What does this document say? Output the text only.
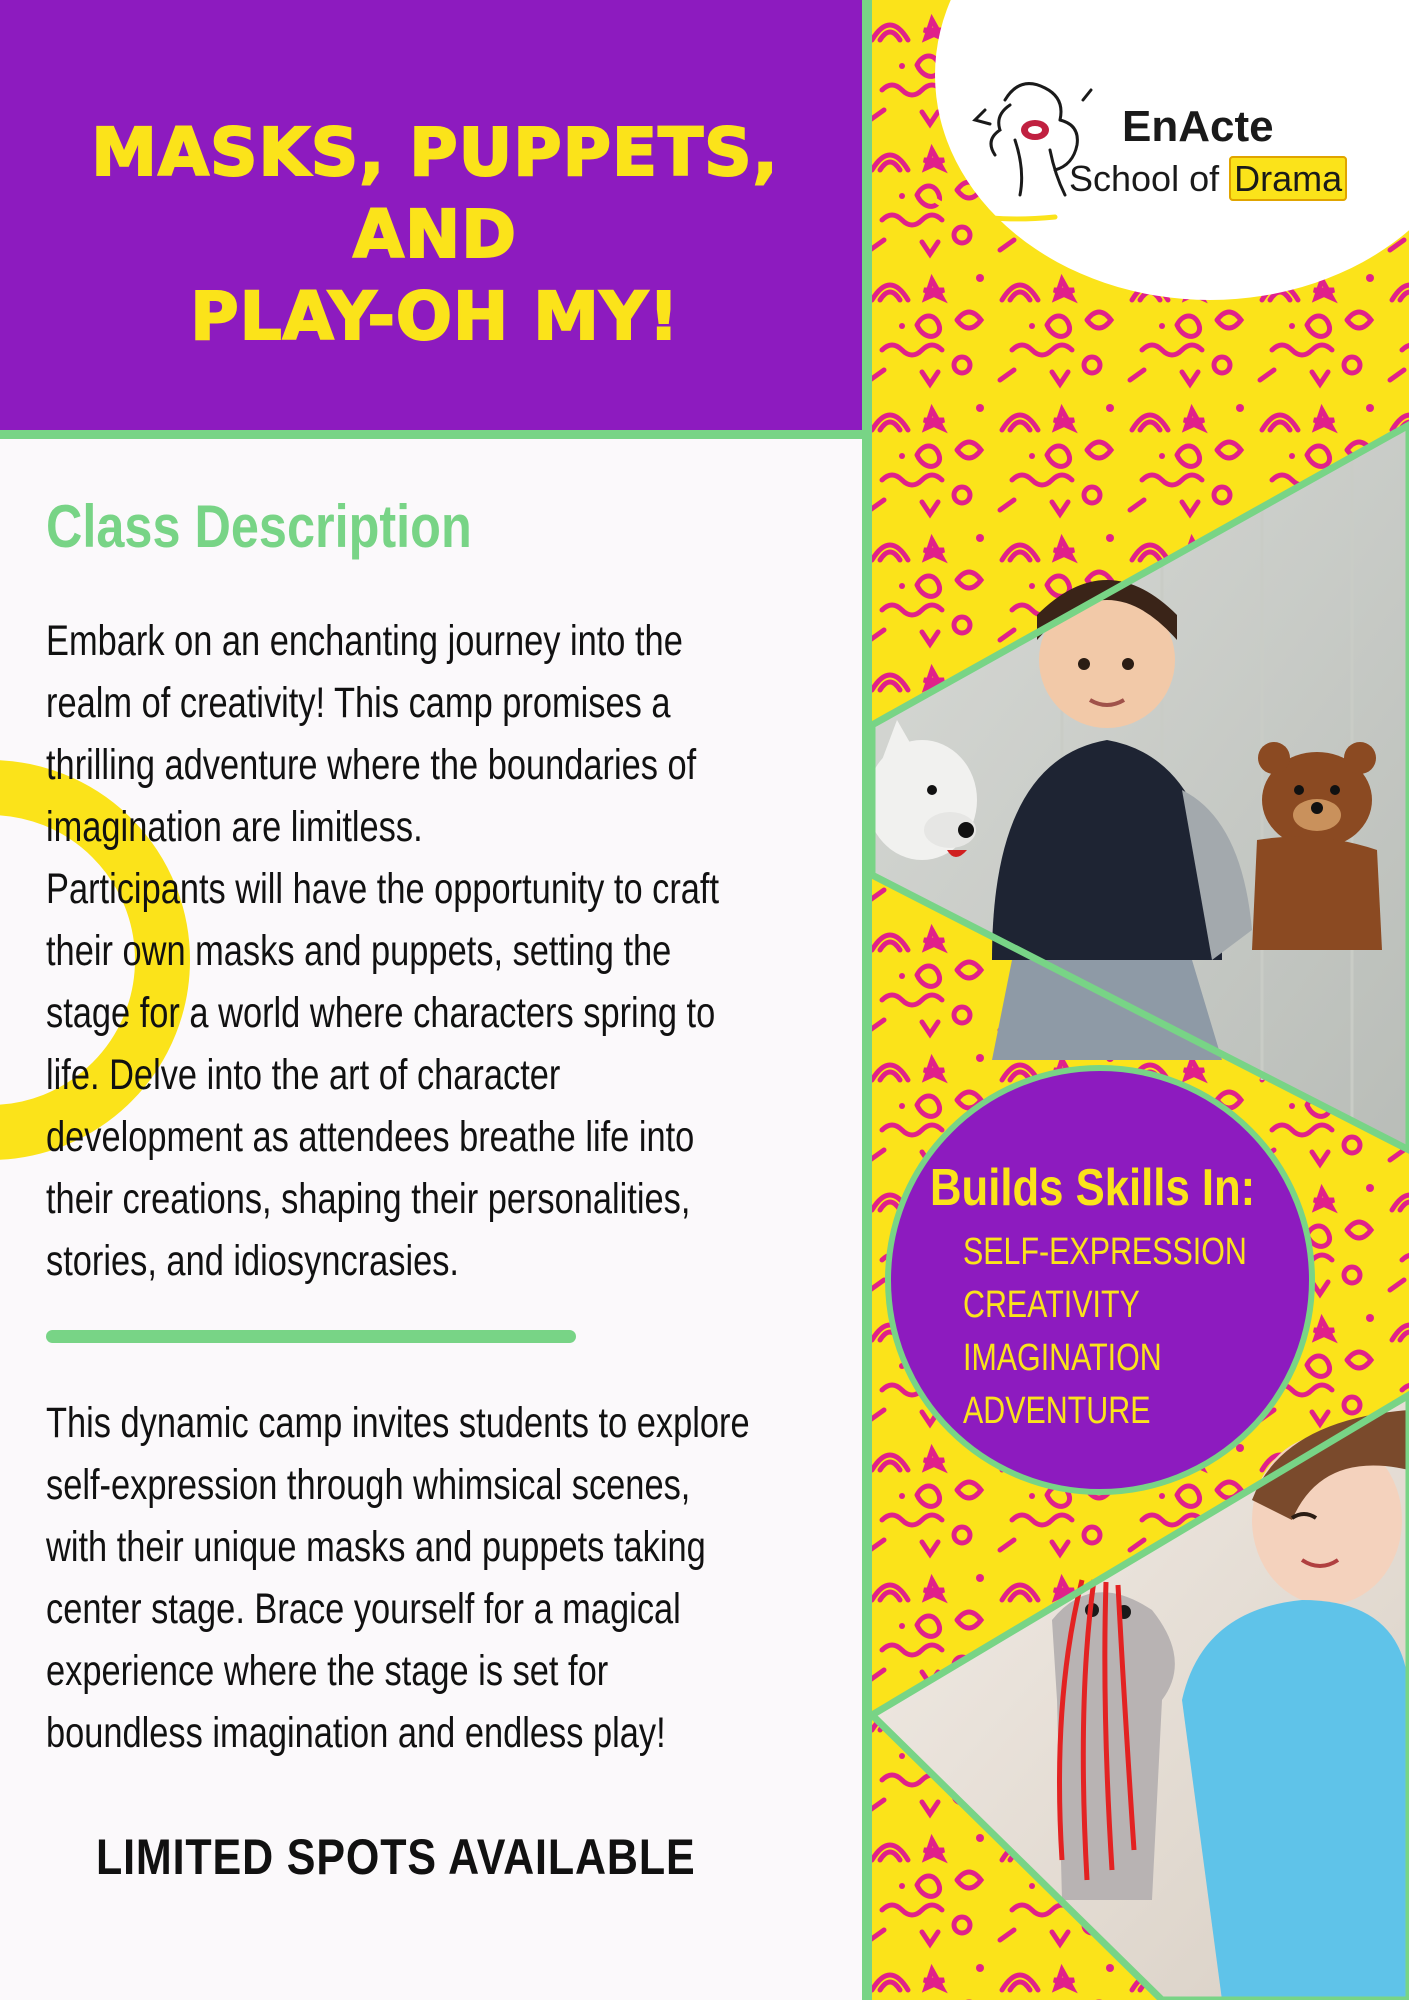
MASKS, PUPPETS,
AND
PLAY-OH MY!
Class Description
Embark on an enchanting journey into the
realm of creativity! This camp promises a
thrilling adventure where the boundaries of
imagination are limitless.
Participants will have the opportunity to craft
their own masks and puppets, setting the
stage for a world where characters spring to
life. Delve into the art of character
development as attendees breathe life into
their creations, shaping their personalities,
stories, and idiosyncrasies.
This dynamic camp invites students to explore
self-expression through whimsical scenes,
with their unique masks and puppets taking
center stage. Brace yourself for a magical
experience where the stage is set for
boundless imagination and endless play!

LIMITED SPOTS AVAILABLE

EnActe

School of Drama

Builds Skills In:

SELF-EXPRESSION
CREATIVITY
IMAGINATION
ADVENTURE
